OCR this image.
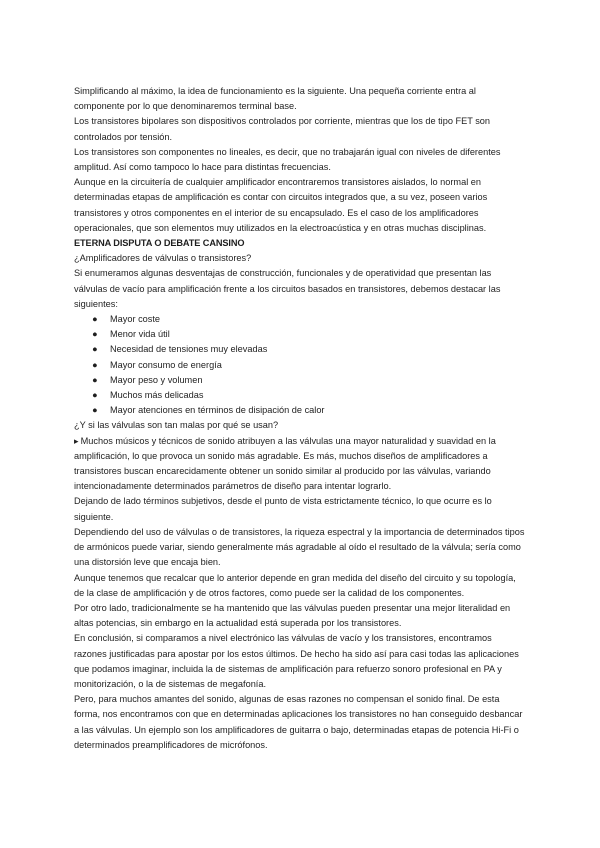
Simplificando al máximo, la idea de funcionamiento es la siguiente. Una pequeña corriente entra al componente por lo que denominaremos terminal base.

Los transistores bipolares son dispositivos controlados por corriente, mientras que los de tipo FET son controlados por tensión.

Los transistores son componentes no lineales, es decir, que no trabajarán igual con niveles de diferentes amplitud. Así como tampoco lo hace para distintas frecuencias.

Aunque en la circuitería de cualquier amplificador encontraremos transistores aislados, lo normal en determinadas etapas de amplificación es contar con circuitos integrados que, a su vez, poseen varios transistores y otros componentes en el interior de su encapsulado. Es el caso de los amplificadores operacionales, que son elementos muy utilizados en la electroacústica y en otras muchas disciplinas.

ETERNA DISPUTA O DEBATE CANSINO

¿Amplificadores de válvulas o transistores?

Si enumeramos algunas desventajas de construcción, funcionales y de operatividad que presentan las válvulas de vacío para amplificación frente a los circuitos basados en transistores, debemos destacar las siguientes:

● Mayor coste
● Menor vida útil
● Necesidad de tensiones muy elevadas
● Mayor consumo de energía
● Mayor peso y volumen
● Muchos más delicadas
● Mayor atenciones en términos de disipación de calor

¿Y si las válvulas son tan malas por qué se usan?

▸ Muchos músicos y técnicos de sonido atribuyen a las válvulas una mayor naturalidad y suavidad en la amplificación, lo que provoca un sonido más agradable. Es más, muchos diseños de amplificadores a transistores buscan encarecidamente obtener un sonido similar al producido por las válvulas, variando intencionadamente determinados parámetros de diseño para intentar lograrlo.

Dejando de lado términos subjetivos, desde el punto de vista estrictamente técnico, lo que ocurre es lo siguiente.

Dependiendo del uso de válvulas o de transistores, la riqueza espectral y la importancia de determinados tipos de armónicos puede variar, siendo generalmente más agradable al oído el resultado de la válvula; sería como una distorsión leve que encaja bien.

Aunque tenemos que recalcar que lo anterior depende en gran medida del diseño del circuito y su topología, de la clase de amplificación y de otros factores, como puede ser la calidad de los componentes.

Por otro lado, tradicionalmente se ha mantenido que las válvulas pueden presentar una mejor literalidad en altas potencias, sin embargo en la actualidad está superada por los transistores.

En conclusión, si comparamos a nivel electrónico las válvulas de vacío y los transistores, encontramos razones justificadas para apostar por los estos últimos. De hecho ha sido así para casi todas las aplicaciones que podamos imaginar, incluida la de sistemas de amplificación para refuerzo sonoro profesional en PA y monitorización, o la de sistemas de megafonía.

Pero, para muchos amantes del sonido, algunas de esas razones no compensan el sonido final. De esta forma, nos encontramos con que en determinadas aplicaciones los transistores no han conseguido desbancar a las válvulas. Un ejemplo son los amplificadores de guitarra o bajo, determinadas etapas de potencia Hi-Fi o determinados preamplificadores de micrófonos.
